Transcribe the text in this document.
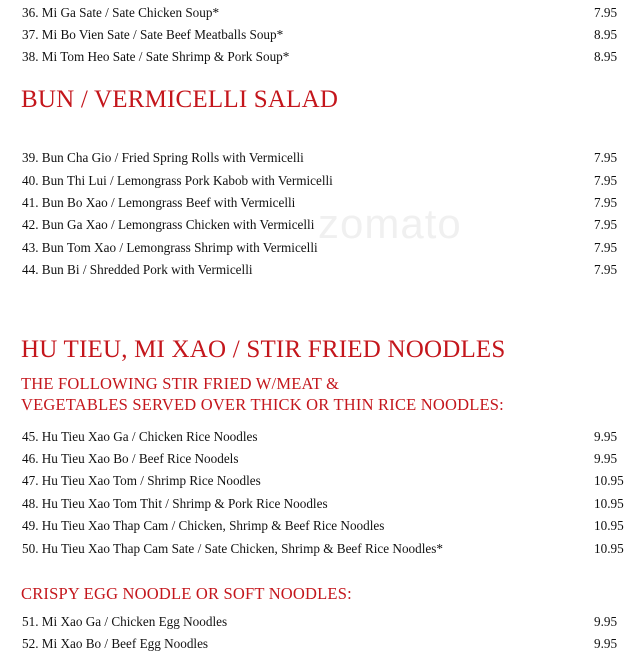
zomato
36. Mi Ga Sate / Sate Chicken Soup*	7.95
37. Mi Bo Vien Sate / Sate Beef Meatballs Soup*	8.95
38. Mi Tom Heo Sate / Sate Shrimp & Pork Soup*	8.95
BUN / VERMICELLI SALAD
39. Bun Cha Gio / Fried Spring Rolls with Vermicelli	7.95
40. Bun Thi Lui / Lemongrass Pork Kabob with Vermicelli	7.95
41. Bun Bo Xao / Lemongrass Beef with Vermicelli	7.95
42. Bun Ga Xao / Lemongrass Chicken with Vermicelli	7.95
43. Bun Tom Xao / Lemongrass Shrimp with Vermicelli	7.95
44. Bun Bi / Shredded Pork with Vermicelli	7.95
HU TIEU, MI XAO / STIR FRIED NOODLES
THE FOLLOWING STIR FRIED W/MEAT &
VEGETABLES SERVED OVER THICK OR THIN RICE NOODLES:
45. Hu Tieu Xao Ga / Chicken Rice Noodles	9.95
46. Hu Tieu Xao Bo / Beef Rice Noodels	9.95
47. Hu Tieu Xao Tom / Shrimp Rice Noodles	10.95
48. Hu Tieu Xao Tom Thit / Shrimp & Pork Rice Noodles	10.95
49. Hu Tieu Xao Thap Cam / Chicken, Shrimp & Beef Rice Noodles	10.95
50. Hu Tieu Xao Thap Cam Sate / Sate Chicken, Shrimp & Beef Rice Noodles*	10.95
CRISPY EGG NOODLE OR SOFT NOODLES:
51. Mi Xao Ga / Chicken Egg Noodles	9.95
52. Mi Xao Bo / Beef Egg Noodles	9.95
